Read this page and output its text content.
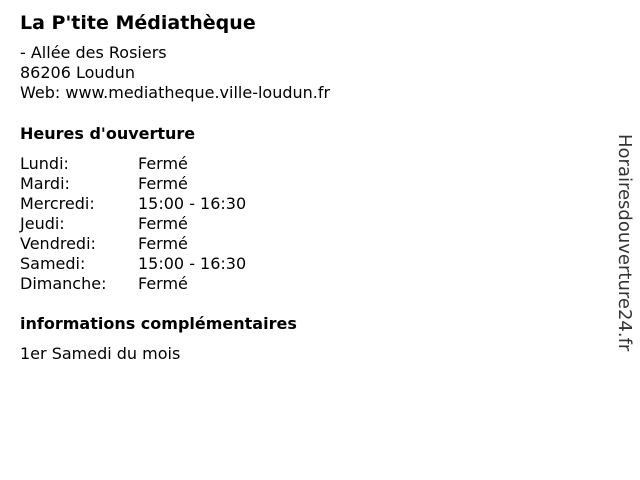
La P'tite Médiathèque
- Allée des Rosiers
86206 Loudun
Web: www.mediatheque.ville-loudun.fr
Heures d'ouverture
Lundi:	Fermé
Mardi:	Fermé
Mercredi:	15:00 - 16:30
Jeudi:	Fermé
Vendredi:	Fermé
Samedi:	15:00 - 16:30
Dimanche: Fermé
informations complémentaires
1er Samedi du mois
Horairesdouverture24.fr
